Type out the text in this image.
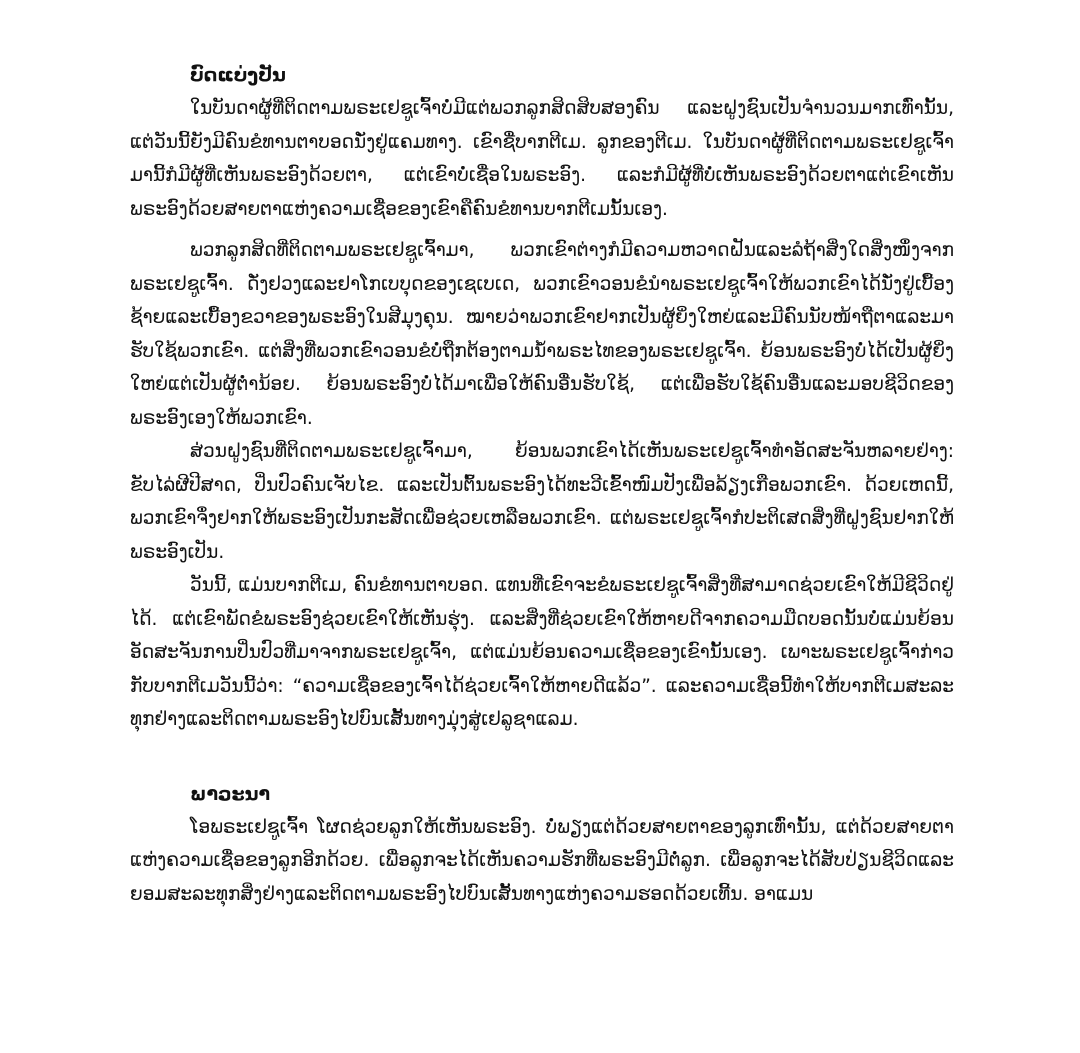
ບົດແບ່ງປັນ

ໃນບັນດາຜູ້ທີ່ຕິດຕາມພຣະເຢຊູເຈົ້າບໍ່ມີແຕ່ພວກລູກສິດສິບສອງຄົນ ແລະຝູງຊົນເປັນຈຳນວນມາກເທົ່ານັ້ນ, ແຕ່ວັນນີ້ຍັງມີຄົນຂໍທານຕາບອດນັ່ງຢູ່ແຄມທາງ. ເຂົາຊື່ບາກຕີເມ. ລູກຂອງຕີເມ. ໃນບັນດາຜູ້ທີ່ຕິດຕາມພຣະເຢຊູເຈົ້າມານີ້ກໍມີຜູ້ທີ່ເຫັນພຣະອົງດ້ວຍຕາ, ແຕ່ເຂົາບໍ່ເຊື່ອໃນພຣະອົງ. ແລະກໍມີຜູ້ທີ່ບໍ່ເຫັນພຣະອົງດ້ວຍຕາແຕ່ເຂົາເຫັນພຣະອົງດ້ວຍສາຍຕາແຫ່ງຄວາມເຊື່ອຂອງເຂົາຄືຄົນຂໍທານບາກຕີເມນັ້ນເອງ.

ພວກລູກສິດທີ່ຕິດຕາມພຣະເຢຊູເຈົ້າມາ, ພວກເຂົາຕ່າງກໍມີຄວາມຫວາດຝັນແລະລໍຖ້າສິ່ງໃດສິ່ງໜຶ່ງຈາກພຣະເຢຊູເຈົ້າ. ດັ່ງຢວງແລະຢາໂກເບບຸດຂອງເຊເບເດ, ພວກເຂົາວອນຂໍນຳພຣະເຢຊູເຈົ້າໃຫ້ພວກເຂົາໄດ້ນັ່ງຢູ່ເບື້ອງຊ້າຍແລະເບື້ອງຂວາຂອງພຣະອົງໃນສີມຸງຄຸນ. ໝາຍວ່າພວກເຂົາຢາກເປັນຜູ້ຍິ່ງໃຫຍ່ແລະມີຄົນນັບໜ້າຖືຕາແລະມາຮັບໃຊ້ພວກເຂົາ. ແຕ່ສິ່ງທີ່ພວກເຂົາວອນຂໍບໍ່ຖືກຕ້ອງຕາມນ້ຳພຣະໄທຂອງພຣະເຢຊູເຈົ້າ. ຍ້ອນພຣະອົງບໍ່ໄດ້ເປັນຜູ້ຍິ່ງໃຫຍ່ແຕ່ເປັນຜູ້ຕ່ຳນ້ອຍ. ຍ້ອນພຣະອົງບໍ່ໄດ້ມາເພື່ອໃຫ້ຄົນອື່ນຮັບໃຊ້, ແຕ່ເພື່ອຮັບໃຊ້ຄົນອື່ນແລະມອບຊີວິດຂອງພຣະອົງເອງໃຫ້ພວກເຂົາ.

ສ່ວນຝູງຊົນທີ່ຕິດຕາມພຣະເຢຊູເຈົ້າມາ, ຍ້ອນພວກເຂົາໄດ້ເຫັນພຣະເຢຊູເຈົ້າທຳອັດສະຈັນຫລາຍຢ່າງ: ຂັບໄລ່ຜີປີສາດ, ປິ່ນປົວຄົນເຈັບໄຂ. ແລະເປັນຕົ້ນພຣະອົງໄດ້ທະວີເຂົ້າໜົມປັງເພື່ອລ້ຽງເກືອພວກເຂົາ. ດ້ວຍເຫດນີ້, ພວກເຂົາຈຶ່ງຢາກໃຫ້ພຣະອົງເປັນກະສັດເພື່ອຊ່ວຍເຫລືອພວກເຂົາ. ແຕ່ພຣະເຢຊູເຈົ້າກໍປະຕິເສດສິ່ງທີ່ຝູງຊົນຢາກໃຫ້ພຣະອົງເປັນ.

ວັນນີ້, ແມ່ນບາກຕີເມ, ຄົນຂໍທານຕາບອດ. ແທນທີ່ເຂົາຈະຂໍພຣະເຢຊູເຈົ້າສິ່ງທີ່ສາມາດຊ່ວຍເຂົາໃຫ້ມີຊີວິດຢູ່ໄດ້. ແຕ່ເຂົາພັດຂໍພຣະອົງຊ່ວຍເຂົາໃຫ້ເຫັນຮຸ່ງ. ແລະສິ່ງທີ່ຊ່ວຍເຂົາໃຫ້ຫາຍດີຈາກຄວາມມືດບອດນັ້ນບໍ່ແມ່ນຍ້ອນອັດສະຈັນການປິ່ນປົວທີ່ມາຈາກພຣະເຢຊູເຈົ້າ, ແຕ່ແມ່ນຍ້ອນຄວາມເຊື່ອຂອງເຂົານັ້ນເອງ. ເພາະພຣະເຢຊູເຈົ້າກ່າວກັບບາກຕີເມວັນນີ້ວ່າ: “ຄວາມເຊື່ອຂອງເຈົ້າໄດ້ຊ່ວຍເຈົ້າໃຫ້ຫາຍດີແລ້ວ”. ແລະຄວາມເຊື່ອນີ້ທຳໃຫ້ບາກຕີເມສະລະທຸກຢ່າງແລະຕິດຕາມພຣະອົງໄປບົນເສັ້ນທາງມຸ່ງສູ່ເຢລູຊາແລມ.

ພາວະນາ

ໂອພຣະເຢຊູເຈົ້າ ໂຜດຊ່ວຍລູກໃຫ້ເຫັນພຣະອົງ. ບໍ່ພຽງແຕ່ດ້ວຍສາຍຕາຂອງລູກເທົ່ານັ້ນ, ແຕ່ດ້ວຍສາຍຕາແຫ່ງຄວາມເຊື່ອຂອງລູກອີກດ້ວຍ. ເພື່ອລູກຈະໄດ້ເຫັນຄວາມຮັກທີ່ພຣະອົງມີຕໍ່ລູກ. ເພື່ອລູກຈະໄດ້ສັບປ່ຽນຊີວິດແລະຍອມສະລະທຸກສິ່ງຢ່າງແລະຕິດຕາມພຣະອົງໄປບົນເສັ້ນທາງແຫ່ງຄວາມຮອດດ້ວຍເທີ້ນ. ອາແມນ
